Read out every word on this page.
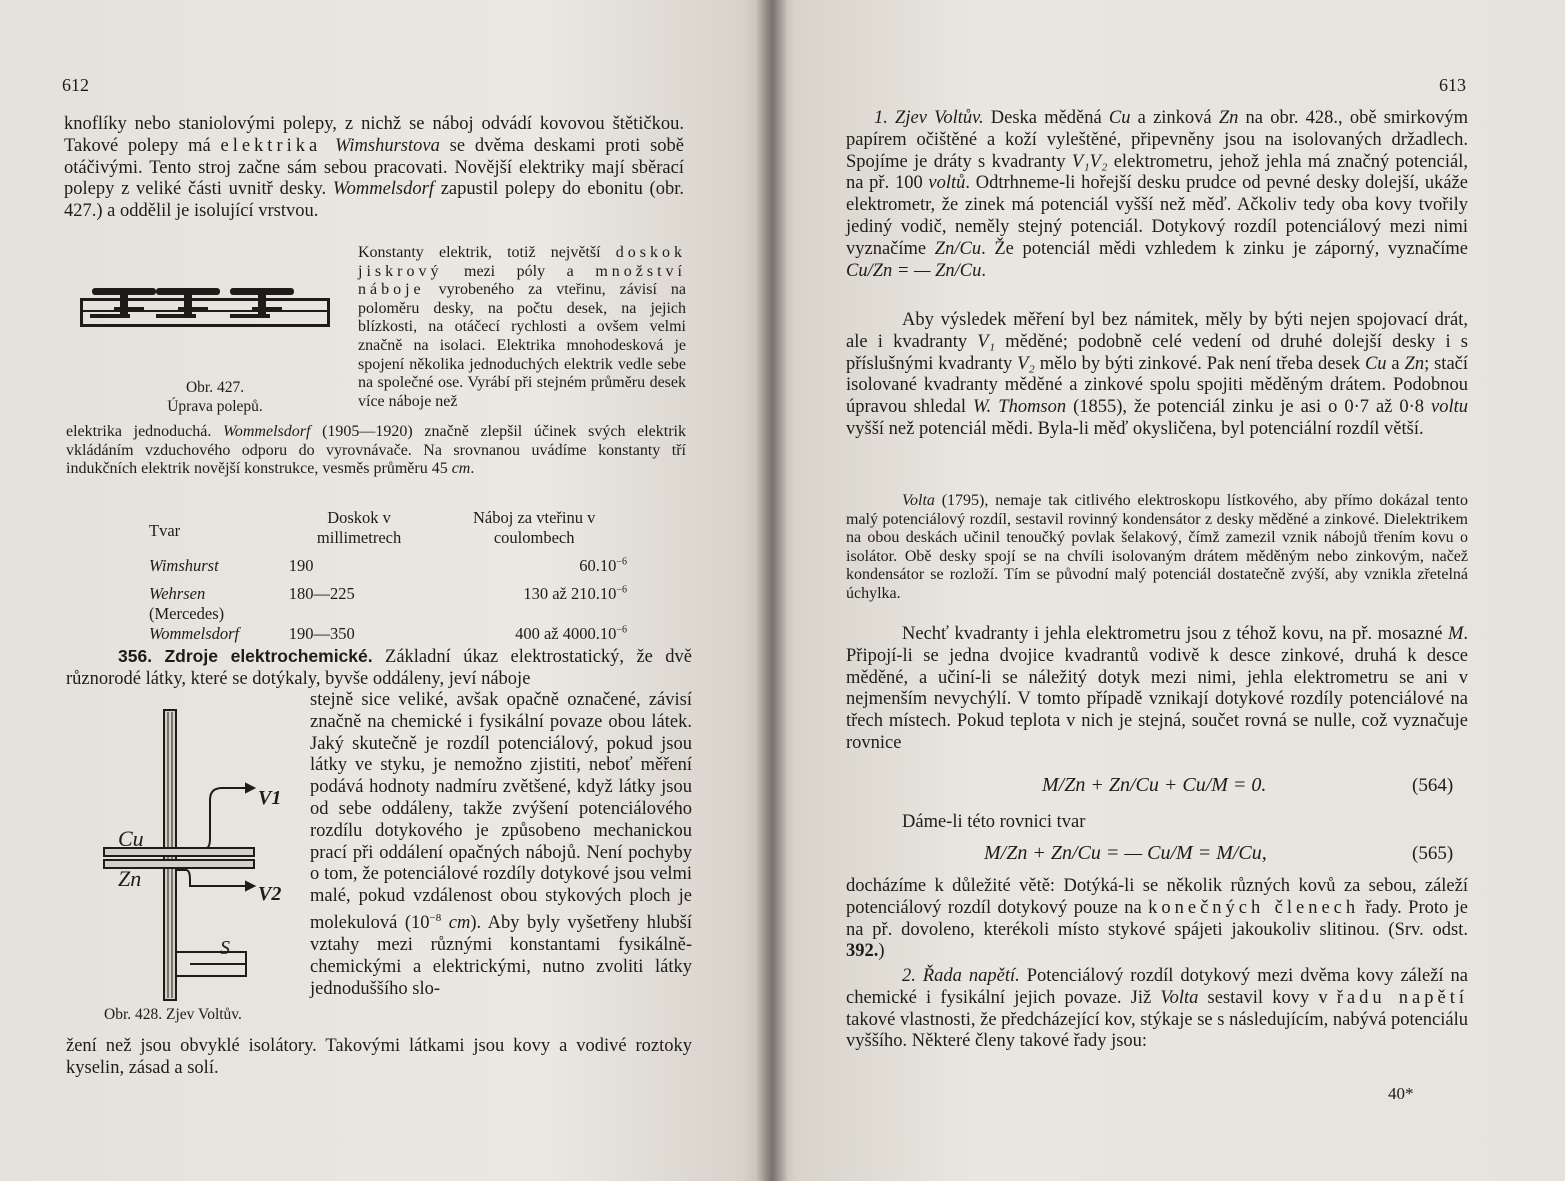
612
knoflíky nebo staniolovými polepy, z nichž se náboj odvádí kovovou štětičkou. Takové polepy má elektrika Wimshurstova se dvěma deskami proti sobě otáčivými. Tento stroj začne sám sebou pracovati. Novější elektriky mají sběrací polepy z veliké části uvnitř desky. Wommelsdorf zapustil polepy do ebonitu (obr. 427.) a oddělil je isolující vrstvou.
Obr. 427.
Úprava polepů.
Konstanty elektrik, totiž největší doskok jiskrový mezi póly a množství náboje vyrobeného za vteřinu, závisí na poloměru desky, na počtu desek, na jejich blízkosti, na otáčecí rychlosti a ovšem velmi značně na isolaci. Elektrika mnohodesková je spojení několika jednoduchých elektrik vedle sebe na společné ose. Vyrábí při stejném průměru desek více náboje než
elektrika jednoduchá. Wommelsdorf (1905—1920) značně zlepšil účinek svých elektrik vkládáním vzduchového odporu do vyrovnávače. Na srovnanou uvádíme konstanty tří indukčních elektrik novější konstrukce, vesměs průměru 45 cm.
Tvar	Doskok v millimetrech	Náboj za vteřinu v coulombech

Wimshurst	190	$60.10^{-6}$
Wehrsen (Mercedes)	180—225	130 až $210.10^{-6}$
Wommelsdorf	190—350	400 až $4000.10^{-6}$
356. Zdroje elektrochemické. Základní úkaz elektrostatický, že dvě různorodé látky, které se dotýkaly, byvše oddáleny, jeví náboje
Cu
Zn
V1
V2
S
Obr. 428. Zjev Voltův.
stejně sice veliké, avšak opačně označené, závisí značně na chemické i fysikální povaze obou látek. Jaký skutečně je rozdíl potenciálový, pokud jsou látky ve styku, je nemožno zjistiti, neboť měření podává hodnoty nadmíru zvětšené, když látky jsou od sebe oddáleny, takže zvýšení potenciálového rozdílu dotykového je způsobeno mechanickou prací při oddálení opačných nábojů. Není pochyby o tom, že potenciálové rozdíly dotykové jsou velmi malé, pokud vzdálenost obou stykových ploch je molekulová ($10^{-8}$ cm). Aby byly vyšetřeny hlubší vztahy mezi různými konstantami fysikálně-chemickými a elektrickými, nutno zvoliti látky jednoduššího slo-
žení než jsou obvyklé isolátory. Takovými látkami jsou kovy a vodivé roztoky kyselin, zásad a solí.
613
1. Zjev Voltův. Deska měděná Cu a zinková Zn na obr. 428., obě smirkovým papírem očištěné a koží vyleštěné, připevněny jsou na isolovaných držadlech. Spojíme je dráty s kvadranty V₁V₂ elektrometru, jehož jehla má značný potenciál, na př. 100 voltů. Odtrhneme-li hořejší desku prudce od pevné desky dolejší, ukáže elektrometr, že zinek má potenciál vyšší než měď. Ačkoliv tedy oba kovy tvořily jediný vodič, neměly stejný potenciál. Dotykový rozdíl potenciálový mezi nimi vyznačíme Zn/Cu. Že potenciál mědi vzhledem k zinku je záporný, vyznačíme Cu/Zn = — Zn/Cu.
Aby výsledek měření byl bez námitek, měly by býti nejen spojovací drát, ale i kvadranty V₁ měděné; podobně celé vedení od druhé dolejší desky i s příslušnými kvadranty V₂ mělo by býti zinkové. Pak není třeba desek Cu a Zn; stačí isolované kvadranty měděné a zinkové spolu spojiti měděným drátem. Podobnou úpravou shledal W. Thomson (1855), že potenciál zinku je asi o 0·7 až 0·8 voltu vyšší než potenciál mědi. Byla-li měď okysličena, byl potenciální rozdíl větší.
Volta (1795), nemaje tak citlivého elektroskopu lístkového, aby přímo dokázal tento malý potenciálový rozdíl, sestavil rovinný kondensátor z desky měděné a zinkové. Dielektrikem na obou deskách učinil tenoučký povlak šelakový, čímž zamezil vznik nábojů třením kovu o isolátor. Obě desky spojí se na chvíli isolovaným drátem měděným nebo zinkovým, načež kondensátor se rozloží. Tím se původní malý potenciál dostatečně zvýší, aby vznikla zřetelná úchylka.
Nechť kvadranty i jehla elektrometru jsou z téhož kovu, na př. mosazné M. Připojí-li se jedna dvojice kvadrantů vodivě k desce zinkové, druhá k desce měděné, a učiní-li se náležitý dotyk mezi nimi, jehla elektrometru se ani v nejmenším nevychýlí. V tomto případě vznikají dotykové rozdíly potenciálové na třech místech. Pokud teplota v nich je stejná, součet rovná se nulle, což vyznačuje rovnice
M/Zn + Zn/Cu + Cu/M = 0.	(564)
Dáme-li této rovnici tvar
M/Zn + Zn/Cu = — Cu/M = M/Cu,	(565)
docházíme k důležité větě: Dotýká-li se několik různých kovů za sebou, záleží potenciálový rozdíl dotykový pouze na konečných členech řady. Proto je na př. dovoleno, kterékoli místo stykové spájeti jakoukoliv slitinou. (Srv. odst. 392.)
2. Řada napětí. Potenciálový rozdíl dotykový mezi dvěma kovy záleží na chemické i fysikální jejich povaze. Již Volta sestavil kovy v řadu napětí takové vlastnosti, že předcházející kov, stýkaje se s následujícím, nabývá potenciálu vyššího. Některé členy takové řady jsou:
40*
